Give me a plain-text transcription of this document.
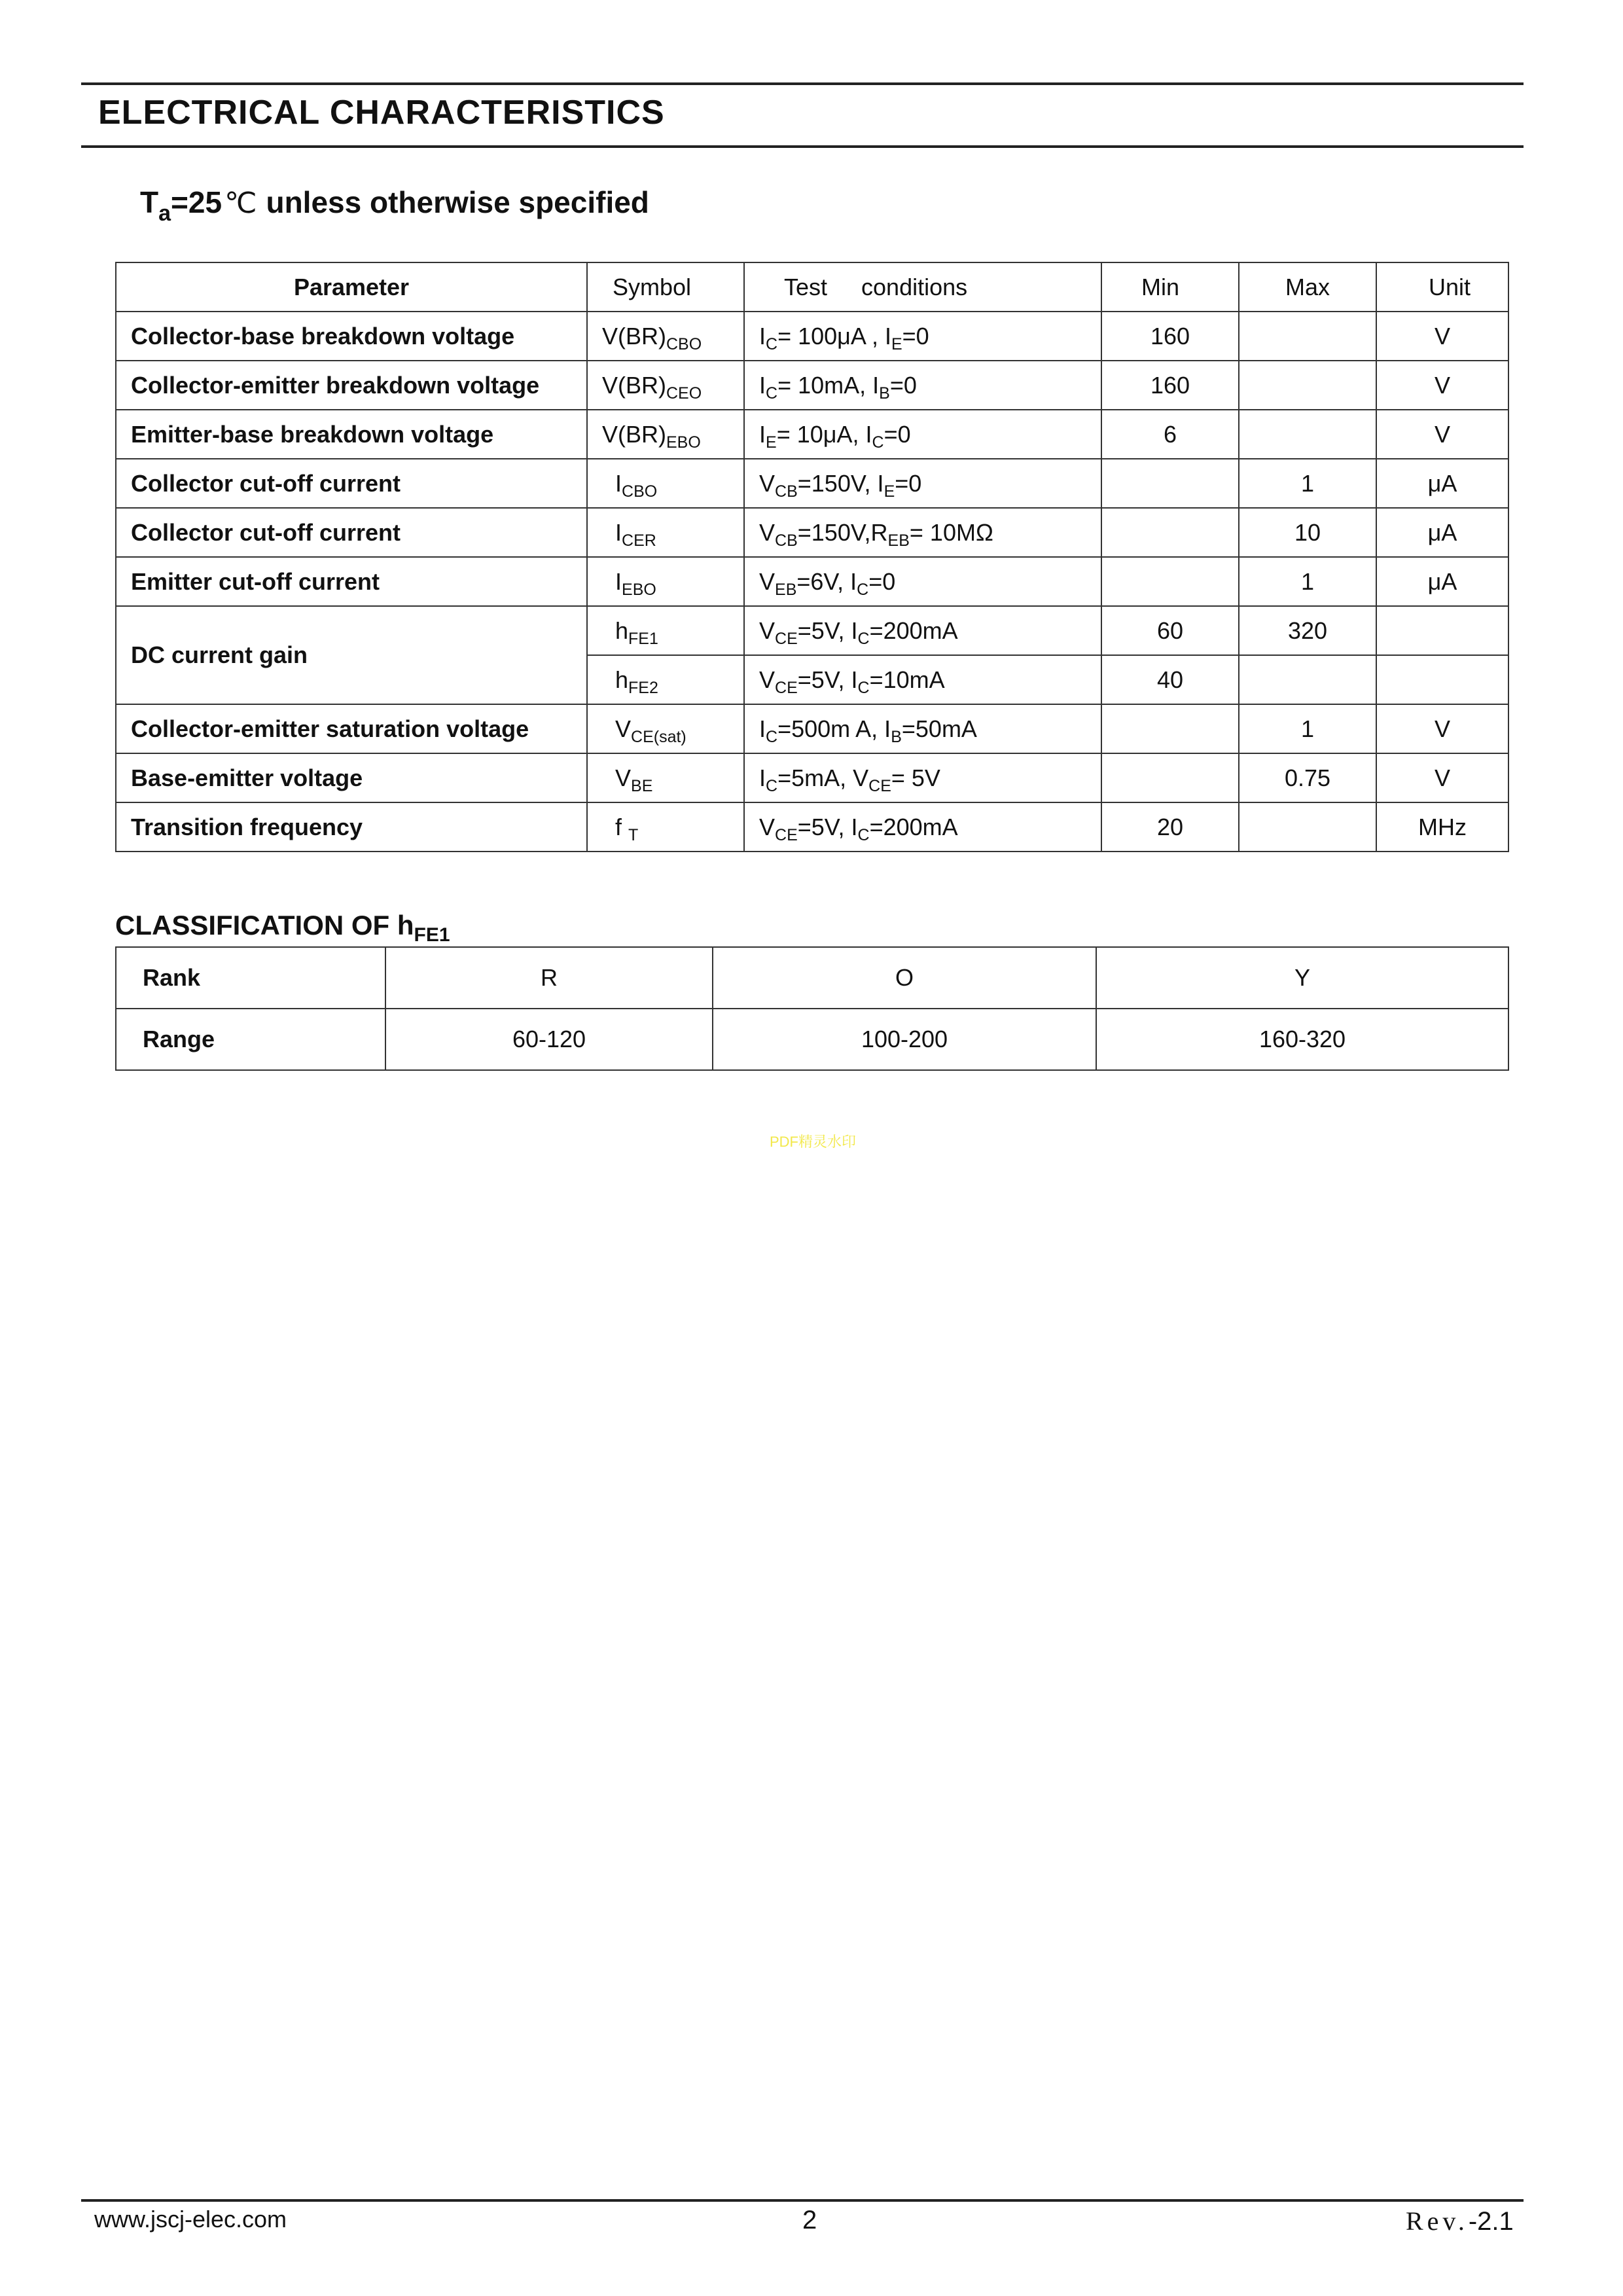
ELECTRICAL CHARACTERISTICS
$T_a=25℃$ unless otherwise specified
Parameter	Symbol	Test conditions	Min	Max	Unit
Collector-base breakdown voltage	$V(BR)_{CBO}$	$I_C= 100\mu A$ , $I_E=0$	160		V
Collector-emitter breakdown voltage	$V(BR)_{CEO}$	$I_C= 10mA$, $I_B=0$	160		V
Emitter-base breakdown voltage	$V(BR)_{EBO}$	$I_E= 10\mu A$, $I_C=0$	6		V
Collector cut-off current	$I_{CBO}$	$V_{CB}=150V$, $I_E=0$		1	μA
Collector cut-off current	$I_{CER}$	$V_{CB}=150V,R_{EB}= 10M\Omega$		10	μA
Emitter cut-off current	$I_{EBO}$	$V_{EB}=6V$, $I_C=0$		1	μA
DC current gain	$h_{FE1}$	$V_{CE}=5V$, $I_C=200mA$	60	320	
	$h_{FE2}$	$V_{CE}=5V$, $I_C=10mA$	40		
Collector-emitter saturation voltage	$V_{CE(sat)}$	$I_C=500m$ A, $I_B=50mA$		1	V
Base-emitter voltage	$V_{BE}$	$I_C=5mA$, $V_{CE}= 5V$		0.75	V
Transition frequency	f $_T$	$V_{CE}=5V$, $I_C=200mA$	20		MHz
CLASSIFICATION OF $h_{FE1}$
Rank	R	O	Y
Range	60-120	100-200	160-320
PDF精灵水印
www.jscj-elec.com	2	Rev.-2.1
